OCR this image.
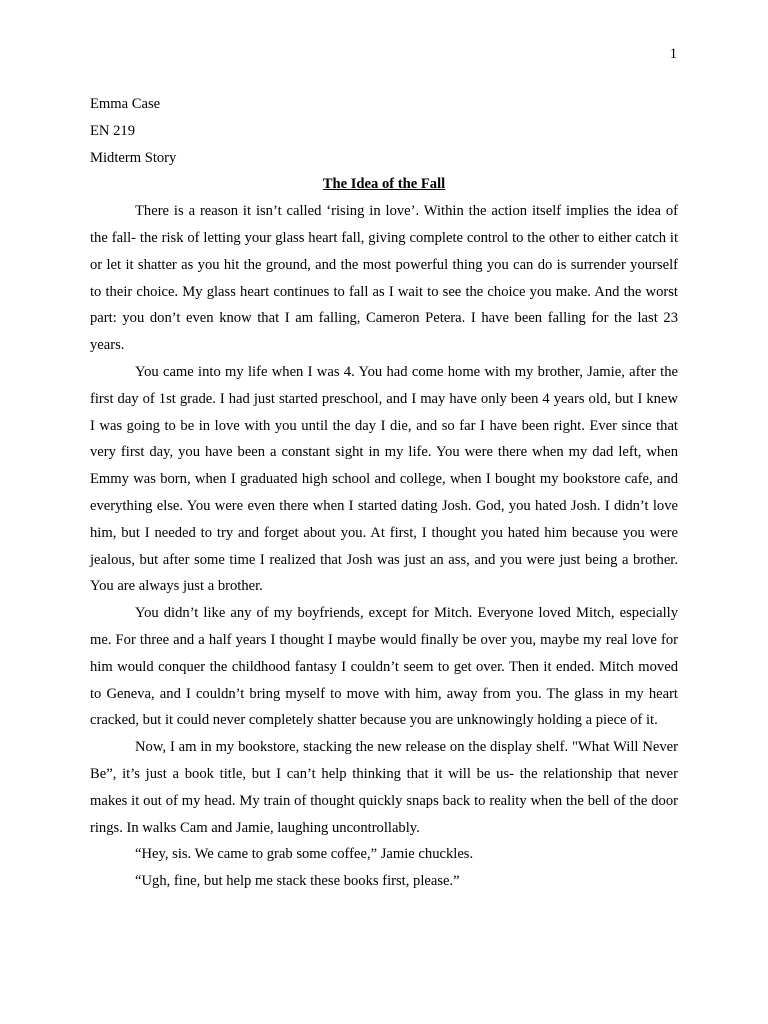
1

Emma Case

EN 219

Midterm Story

The Idea of the Fall

There is a reason it isn’t called ‘rising in love’. Within the action itself implies the idea of the fall- the risk of letting your glass heart fall, giving complete control to the other to either catch it or let it shatter as you hit the ground, and the most powerful thing you can do is surrender yourself to their choice. My glass heart continues to fall as I wait to see the choice you make. And the worst part: you don’t even know that I am falling, Cameron Petera. I have been falling for the last 23 years.

You came into my life when I was 4. You had come home with my brother, Jamie, after the first day of 1st grade. I had just started preschool, and I may have only been 4 years old, but I knew I was going to be in love with you until the day I die, and so far I have been right. Ever since that very first day, you have been a constant sight in my life. You were there when my dad left, when Emmy was born, when I graduated high school and college, when I bought my bookstore cafe, and everything else. You were even there when I started dating Josh. God, you hated Josh. I didn’t love him, but I needed to try and forget about you. At first, I thought you hated him because you were jealous, but after some time I realized that Josh was just an ass, and you were just being a brother. You are always just a brother.

You didn’t like any of my boyfriends, except for Mitch. Everyone loved Mitch, especially me. For three and a half years I thought I maybe would finally be over you, maybe my real love for him would conquer the childhood fantasy I couldn’t seem to get over. Then it ended. Mitch moved to Geneva, and I couldn’t bring myself to move with him, away from you. The glass in my heart cracked, but it could never completely shatter because you are unknowingly holding a piece of it.

Now, I am in my bookstore, stacking the new release on the display shelf. "What Will Never Be”, it’s just a book title, but I can’t help thinking that it will be us- the relationship that never makes it out of my head. My train of thought quickly snaps back to reality when the bell of the door rings. In walks Cam and Jamie, laughing uncontrollably.

“Hey, sis. We came to grab some coffee,” Jamie chuckles.

“Ugh, fine, but help me stack these books first, please.”
